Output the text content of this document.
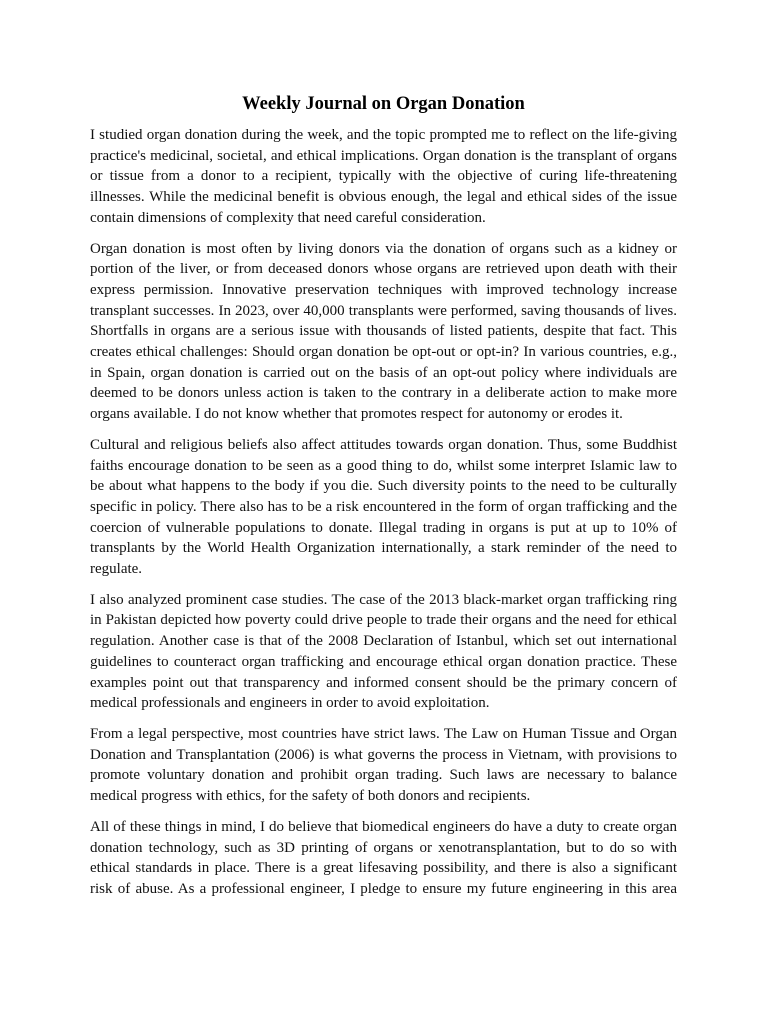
Weekly Journal on Organ Donation

I studied organ donation during the week, and the topic prompted me to reflect on the life-giving practice's medicinal, societal, and ethical implications. Organ donation is the transplant of organs or tissue from a donor to a recipient, typically with the objective of curing life-threatening illnesses. While the medicinal benefit is obvious enough, the legal and ethical sides of the issue contain dimensions of complexity that need careful consideration.

Organ donation is most often by living donors via the donation of organs such as a kidney or portion of the liver, or from deceased donors whose organs are retrieved upon death with their express permission. Innovative preservation techniques with improved technology increase transplant successes. In 2023, over 40,000 transplants were performed, saving thousands of lives. Shortfalls in organs are a serious issue with thousands of listed patients, despite that fact. This creates ethical challenges: Should organ donation be opt-out or opt-in? In various countries, e.g., in Spain, organ donation is carried out on the basis of an opt-out policy where individuals are deemed to be donors unless action is taken to the contrary in a deliberate action to make more organs available. I do not know whether that promotes respect for autonomy or erodes it.

Cultural and religious beliefs also affect attitudes towards organ donation. Thus, some Buddhist faiths encourage donation to be seen as a good thing to do, whilst some interpret Islamic law to be about what happens to the body if you die. Such diversity points to the need to be culturally specific in policy. There also has to be a risk encountered in the form of organ trafficking and the coercion of vulnerable populations to donate. Illegal trading in organs is put at up to 10% of transplants by the World Health Organization internationally, a stark reminder of the need to regulate.

I also analyzed prominent case studies. The case of the 2013 black-market organ trafficking ring in Pakistan depicted how poverty could drive people to trade their organs and the need for ethical regulation. Another case is that of the 2008 Declaration of Istanbul, which set out international guidelines to counteract organ trafficking and encourage ethical organ donation practice. These examples point out that transparency and informed consent should be the primary concern of medical professionals and engineers in order to avoid exploitation.

From a legal perspective, most countries have strict laws. The Law on Human Tissue and Organ Donation and Transplantation (2006) is what governs the process in Vietnam, with provisions to promote voluntary donation and prohibit organ trading. Such laws are necessary to balance medical progress with ethics, for the safety of both donors and recipients.

All of these things in mind, I do believe that biomedical engineers do have a duty to create organ donation technology, such as 3D printing of organs or xenotransplantation, but to do so with ethical standards in place. There is a great lifesaving possibility, and there is also a significant risk of abuse. As a professional engineer, I pledge to ensure my future engineering in this area
